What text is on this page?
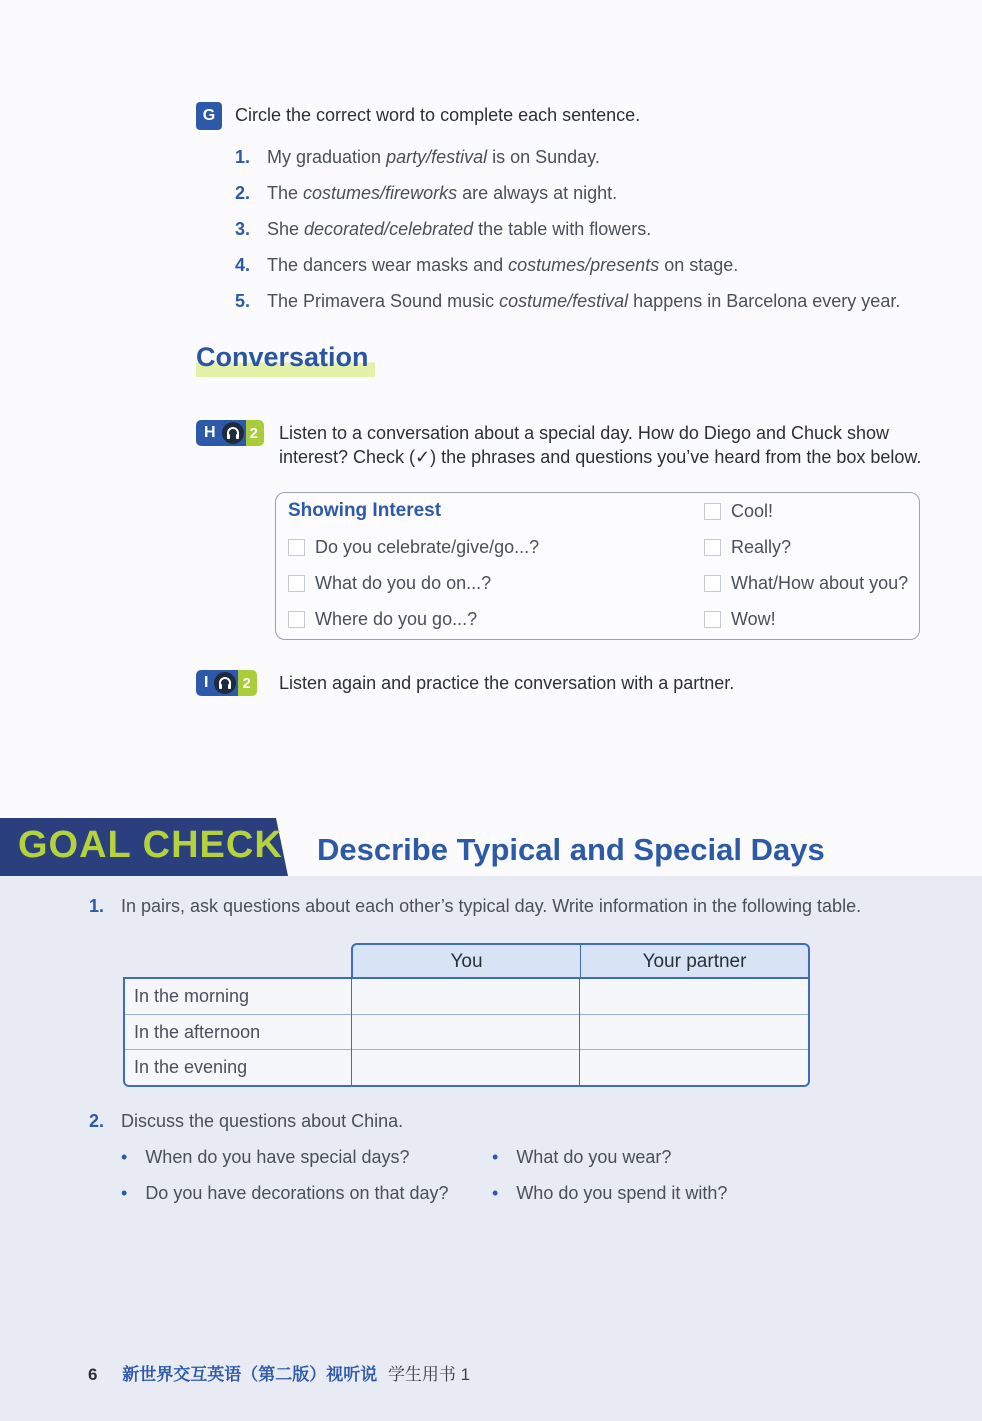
G Circle the correct word to complete each sentence.
1. My graduation party/festival is on Sunday.
2. The costumes/fireworks are always at night.
3. She decorated/celebrated the table with flowers.
4. The dancers wear masks and costumes/presents on stage.
5. The Primavera Sound music costume/festival happens in Barcelona every year.
Conversation
H 2	Listen to a conversation about a special day. How do Diego and Chuck show
interest? Check (✓) the phrases and questions you’ve heard from the box below.
Showing Interest
Do you celebrate/give/go...?
What do you do on...?
Where do you go...?
Cool!
Really?
What/How about you?
Wow!
I 2	Listen again and practice the conversation with a partner.
GOAL CHECK Describe Typical and Special Days
1. In pairs, ask questions about each other’s typical day. Write information in the following table.
You	Your partner
In the morning
In the afternoon
In the evening
2. Discuss the questions about China.
• When do you have special days?
• Do you have decorations on that day?
• What do you wear?
• Who do you spend it with?
6 新世界交互英语（第二版）视听说 学生用书 1
